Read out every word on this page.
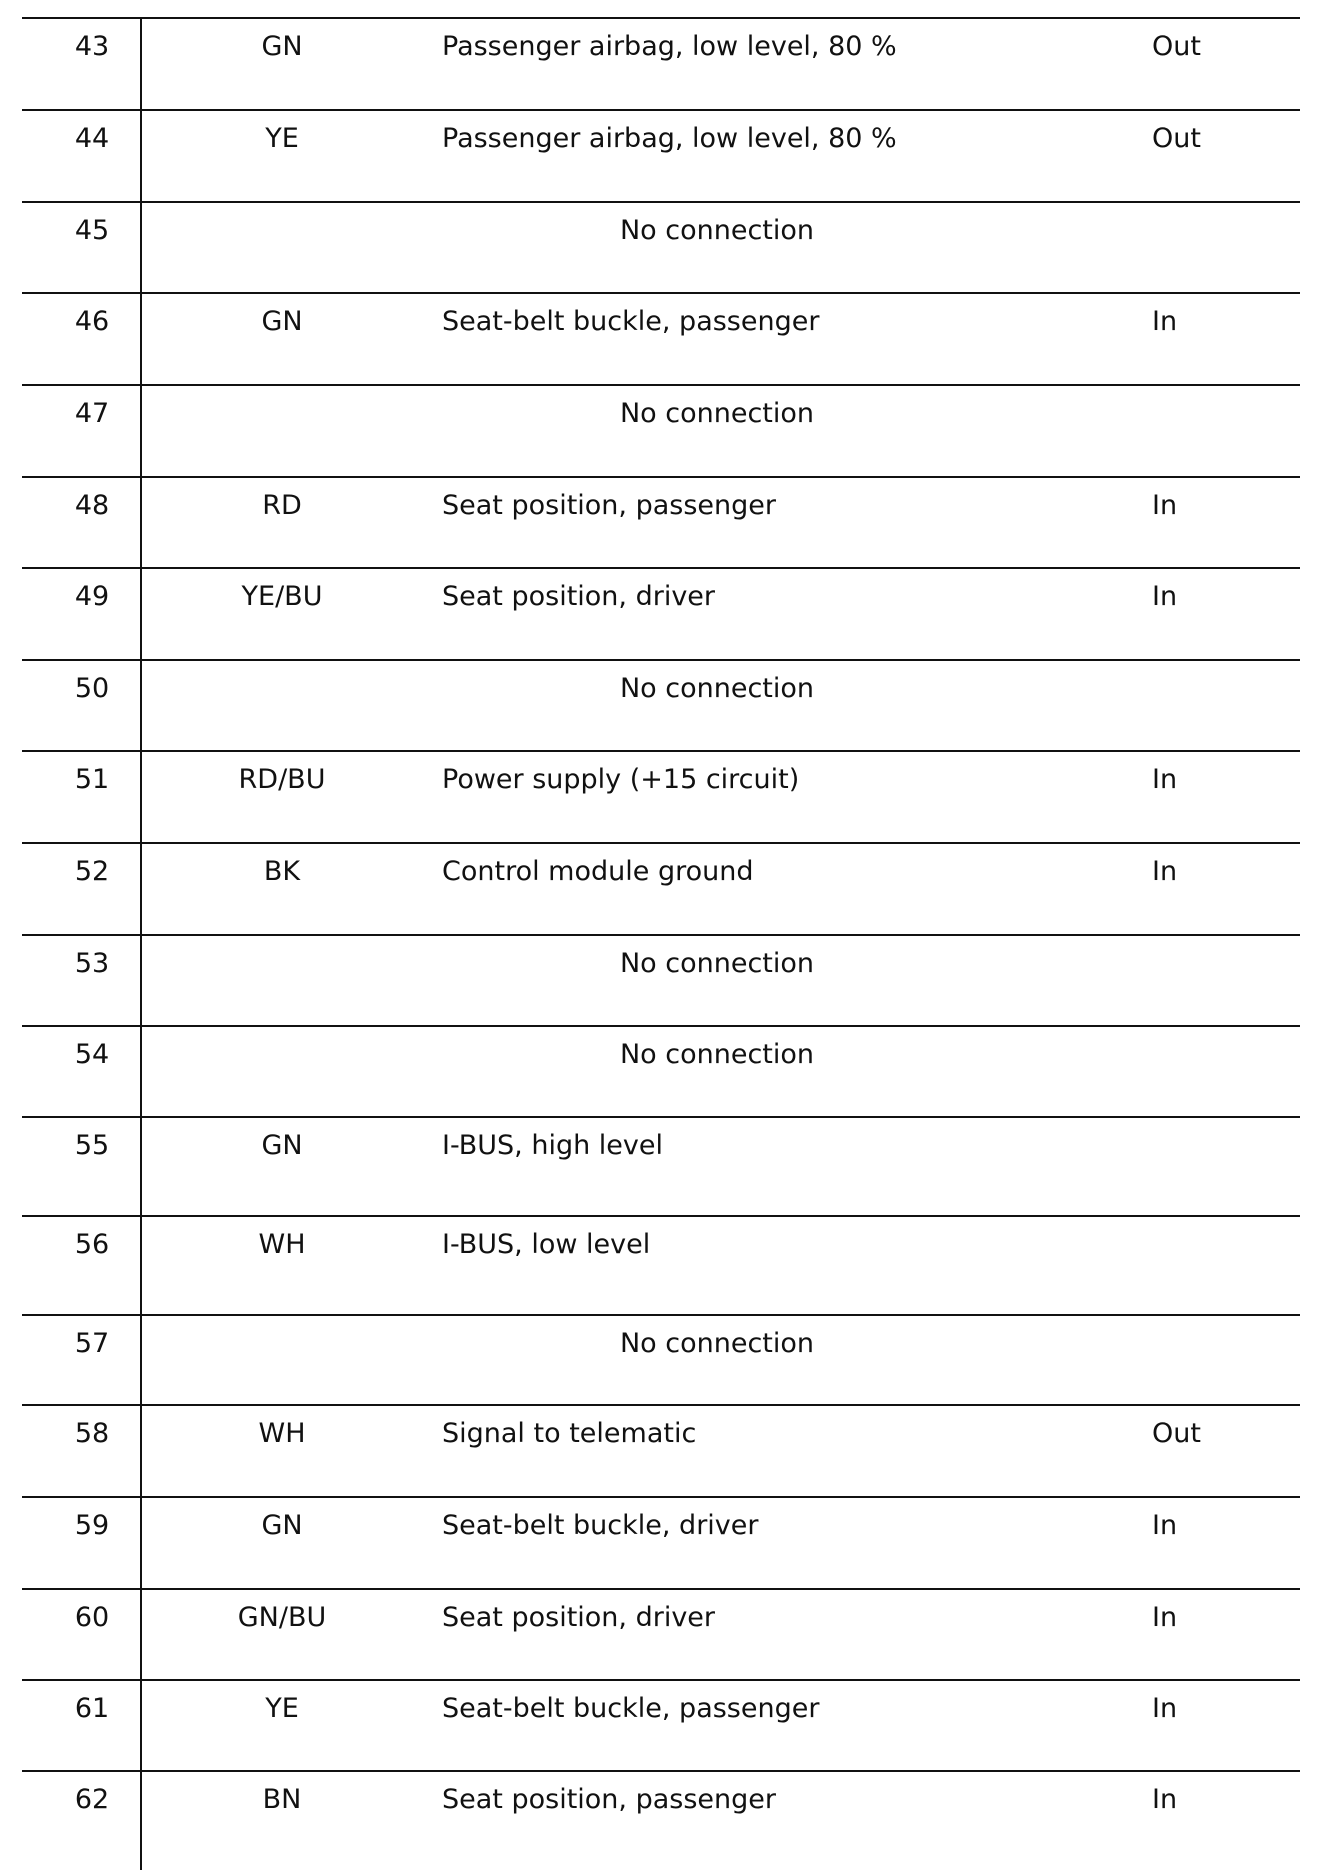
43	GN	Passenger airbag, low level, 80 %	Out
44	YE	Passenger airbag, low level, 80 %	Out
45	No connection
46	GN	Seat-belt buckle, passenger	In
47	No connection
48	RD	Seat position, passenger	In
49	YE/BU	Seat position, driver	In
50	No connection
51	RD/BU	Power supply (+15 circuit)	In
52	BK	Control module ground	In
53	No connection
54	No connection
55	GN	I-BUS, high level
56	WH	I-BUS, low level
57	No connection
58	WH	Signal to telematic	Out
59	GN	Seat-belt buckle, driver	In
60	GN/BU	Seat position, driver	In
61	YE	Seat-belt buckle, passenger	In
62	BN	Seat position, passenger	In
